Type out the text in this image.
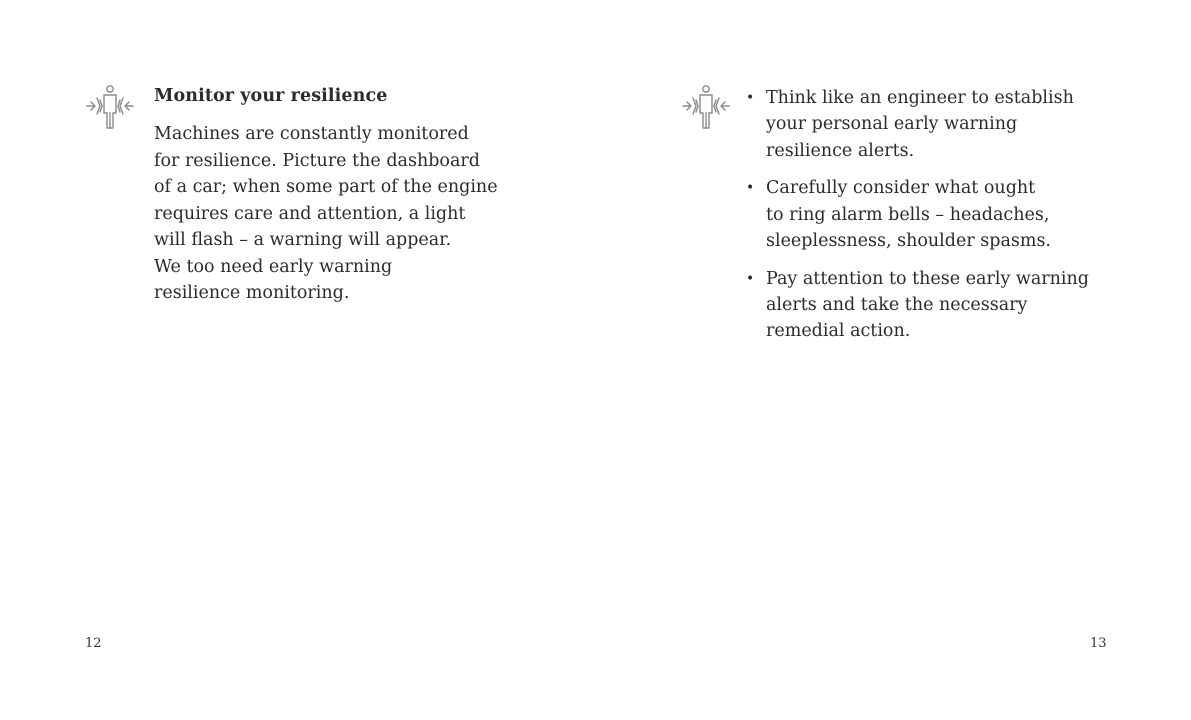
Monitor your resilience

Machines are constantly monitored
for resilience. Picture the dashboard
of a car; when some part of the engine
requires care and attention, a light
will flash – a warning will appear.
We too need early warning
resilience monitoring.

12
• Think like an engineer to establish
your personal early warning
resilience alerts.
• Carefully consider what ought
to ring alarm bells – headaches,
sleeplessness, shoulder spasms.
• Pay attention to these early warning
alerts and take the necessary
remedial action.
13
